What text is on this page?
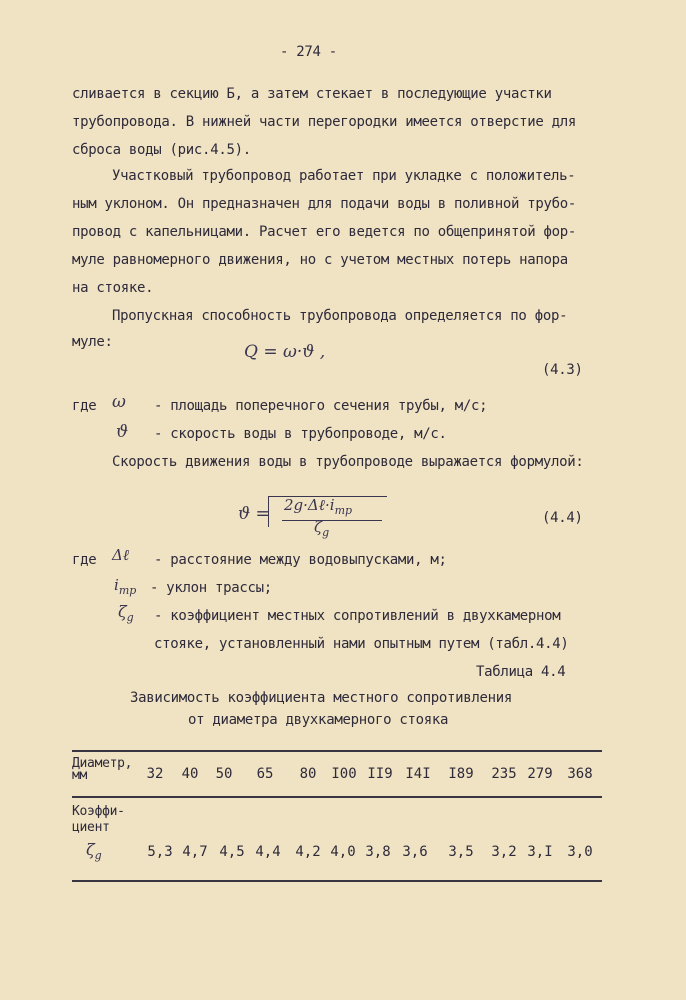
- 274 -
сливается в секцию Б, а затем стекает в последующие участки
трубопровода. В нижней части перегородки имеется отверстие для
сброса воды (рис.4.5).
Участковый трубопровод работает при укладке с положитель-
ным уклоном. Он предназначен для подачи воды в поливной трубо-
провод с капельницами. Расчет его ведется по общепринятой фор-
муле равномерного движения, но с учетом местных потерь напора
на стояке.
Пропускная способность трубопровода определяется по фор-
муле:	Q = ω·ϑ ,
(4.3)
где ω - площадь поперечного сечения трубы, м/с;
ϑ - скорость воды в трубопроводе, м/с.
Скорость движения воды в трубопроводе выражается формулой:
$ϑ = 2g\cdot\Delta\ell\cdot i_{тр}$
$\zeta_g$
(4.4)
где Δℓ - расстояние между водовыпусками, м;
$i_{тр}$ - уклон трассы;
$\zeta_g$ - коэффициент местных сопротивлений в двухкамерном
стояке, установленный нами опытным путем (табл.4.4)
Таблица 4.4
Зависимость коэффициента местного сопротивления
от диаметра двухкамерного стояка
Диаметр,
мм	32	40	50	65	80	I00 II9 I4I	I89	235 279	368
Коэффи-
циент
$\zeta_g$	5,3 4,7 4,5 4,4	4,2 4,0 3,8 3,6	3,5	3,2 3,I	3,0
